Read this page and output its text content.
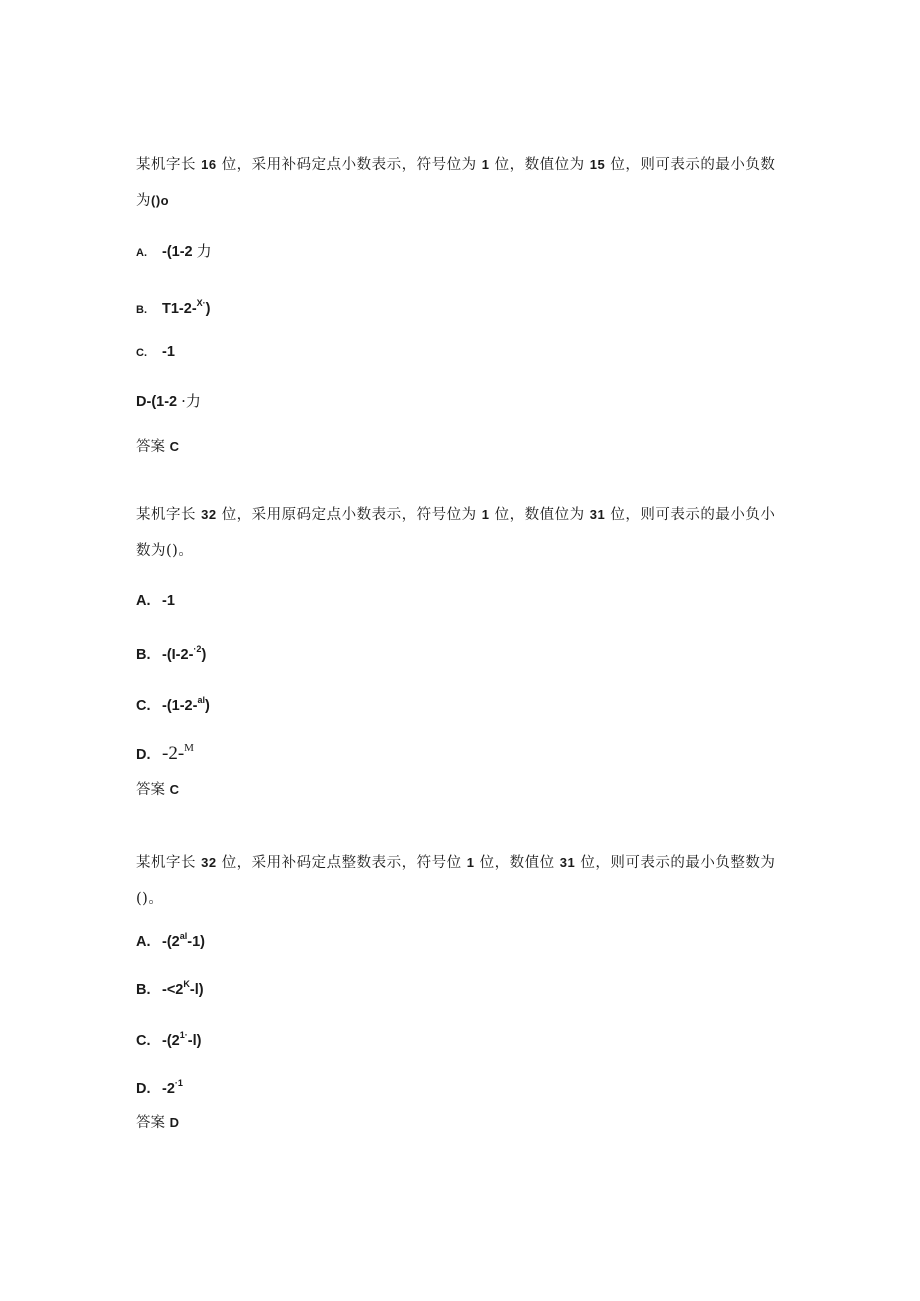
某机字长 16 位，采用补码定点小数表示，符号位为 1 位，数值位为 15 位，则可表示的最小负数为()o
A. -(1-2 力
B. T1-2-$^{X\cdot}$)
C. -1
D-(1-2 ·力
答案 C
某机字长 32 位，采用原码定点小数表示，符号位为 1 位，数值位为 31 位，则可表示的最小负小数为()。
A. -1
B. -(I-2-$^{\cdot 2}$)
C. -(1-2-$^{al}$)
D. -2-$^M$
答案 C
某机字长 32 位，采用补码定点整数表示，符号位 1 位，数值位 31 位，则可表示的最小负整数为()。
A. $-(2^{al}-1)$
B. $-<2^K-l$)
C. $-(2^{1\cdot}-l)$
D. $-2^{\cdot 1}$
答案 D
